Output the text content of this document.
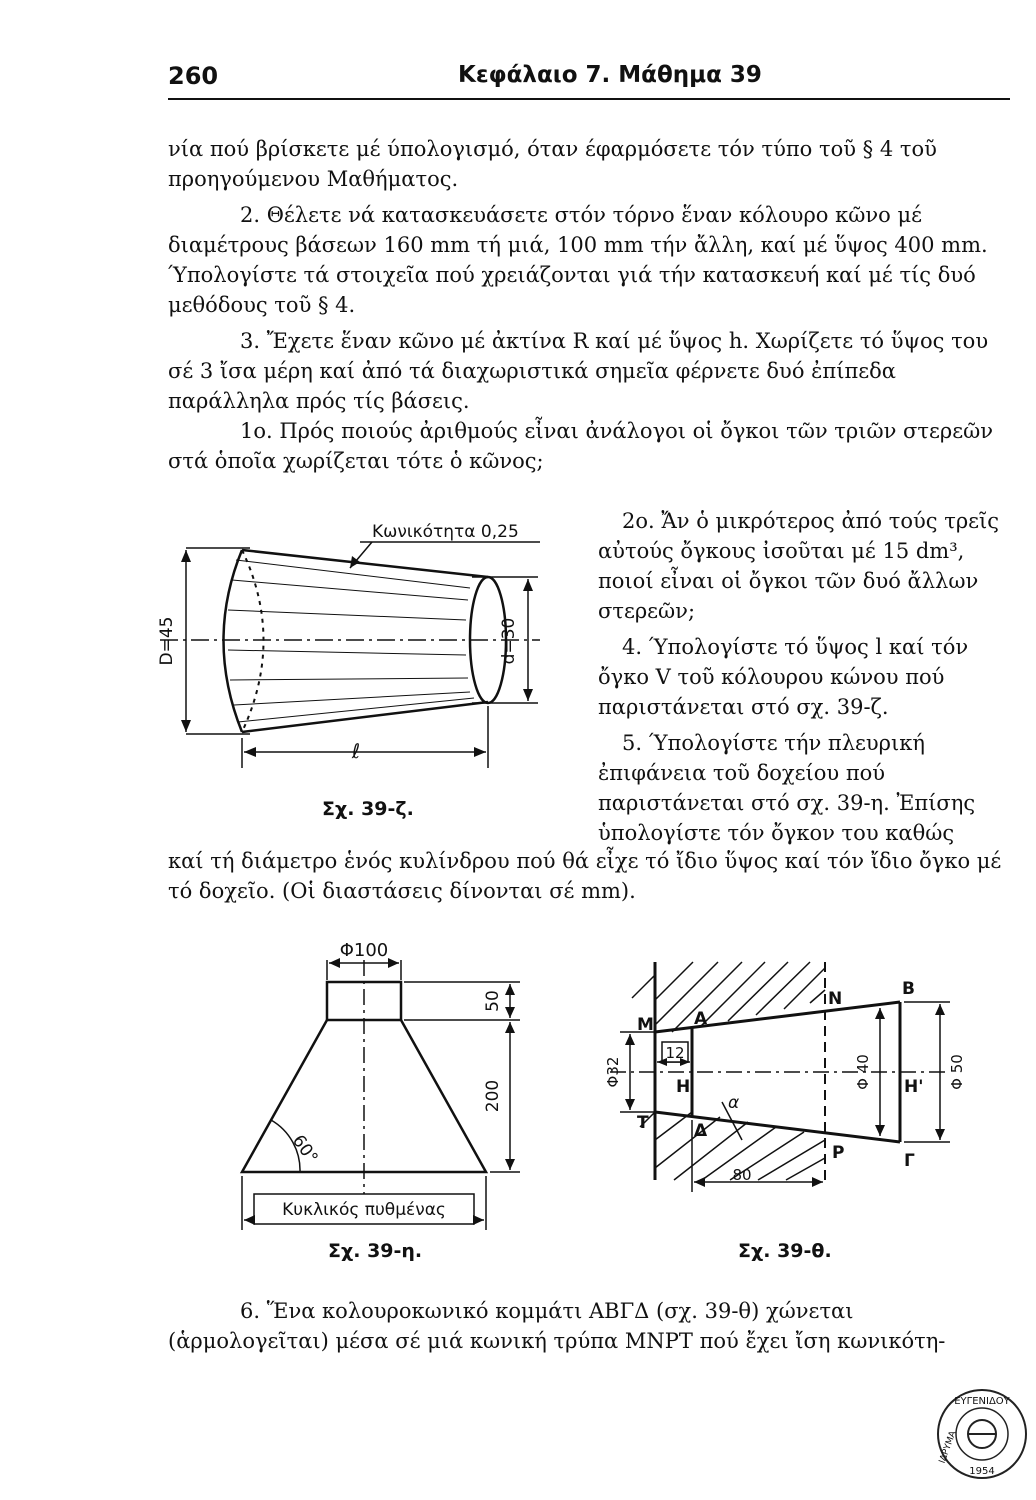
260	Κεφάλαιο 7. Μάθημα 39

νία πού βρίσκετε μέ ύπολογισμό, όταν έφαρμόσετε τόν τύπο τοῦ § 4 τοῦ προηγούμενου Μαθήματος.

2. Θέλετε νά κατασκευάσετε στόν τόρνο ἕναν κόλουρο κῶνο μέ διαμέτρους βάσεων 160 mm τή μιά, 100 mm τήν ἄλλη, καί μέ ὕψος 400 mm. Ύπολογίστε τά στοιχεῖα πού χρειάζονται γιά τήν κατασκευή καί μέ τίς δυό μεθόδους τοῦ § 4.

3. Ἔχετε ἕναν κῶνο μέ ἀκτίνα R καί μέ ὕψος h. Χωρίζετε τό ὕψος του σέ 3 ἴσα μέρη καί ἀπό τά διαχωριστικά σημεῖα φέρνετε δυό ἐπίπεδα παράλληλα πρός τίς βάσεις.

1ο. Πρός ποιούς ἀριθμούς εἶναι ἀνάλογοι οἱ ὄγκοι τῶν τριῶν στερεῶν στά ὁποῖα χωρίζεται τότε ὁ κῶνος;

2ο. Ἄν ὁ μικρότερος ἀπό τούς τρεῖς αὐτούς ὄγκους ἰσοῦται μέ 15 dm³, ποιοί εἶναι οἱ ὄγκοι τῶν δυό ἄλλων στερεῶν;

4. Ύπολογίστε τό ὕψος l καί τόν ὄγκο V τοῦ κόλουρου κώνου πού παριστάνεται στό σχ. 39-ζ.

5. Ύπολογίστε τήν πλευρική ἐπιφάνεια τοῦ δοχείου πού παριστάνεται στό σχ. 39-η. Ἐπίσης ὑπολογίστε τόν ὄγκον του καθώς

καί τή διάμετρο ἑνός κυλίνδρου πού θά εἶχε τό ἴδιο ὕψος καί τόν ἴδιο ὄγκο μέ τό δοχεῖο. (Οἱ διαστάσεις δίνονται σέ mm).

6. Ἕνα κολουροκωνικό κομμάτι ΑΒΓΔ (σχ. 39-θ) χώνεται (ἁρμολογεῖται) μέσα σέ μιά κωνική τρύπα MNPT πού ἔχει ἴση κωνικότη-

Σχ. 39-ζ.
Σχ. 39-η.	Σχ. 39-θ.
Κωνικότητα 0,25
D=45	d=30
ℓ
Φ100
50
200
60°
Κυκλικός πυθμένας
M A
N	B
H	H'
T	Δ
P	Γ
12
Φ32	Φ 40	Φ 50
80
α
ΕΥΓΕΝΙΔΟΥ
ΙΔΡΥΜΑ
1954
